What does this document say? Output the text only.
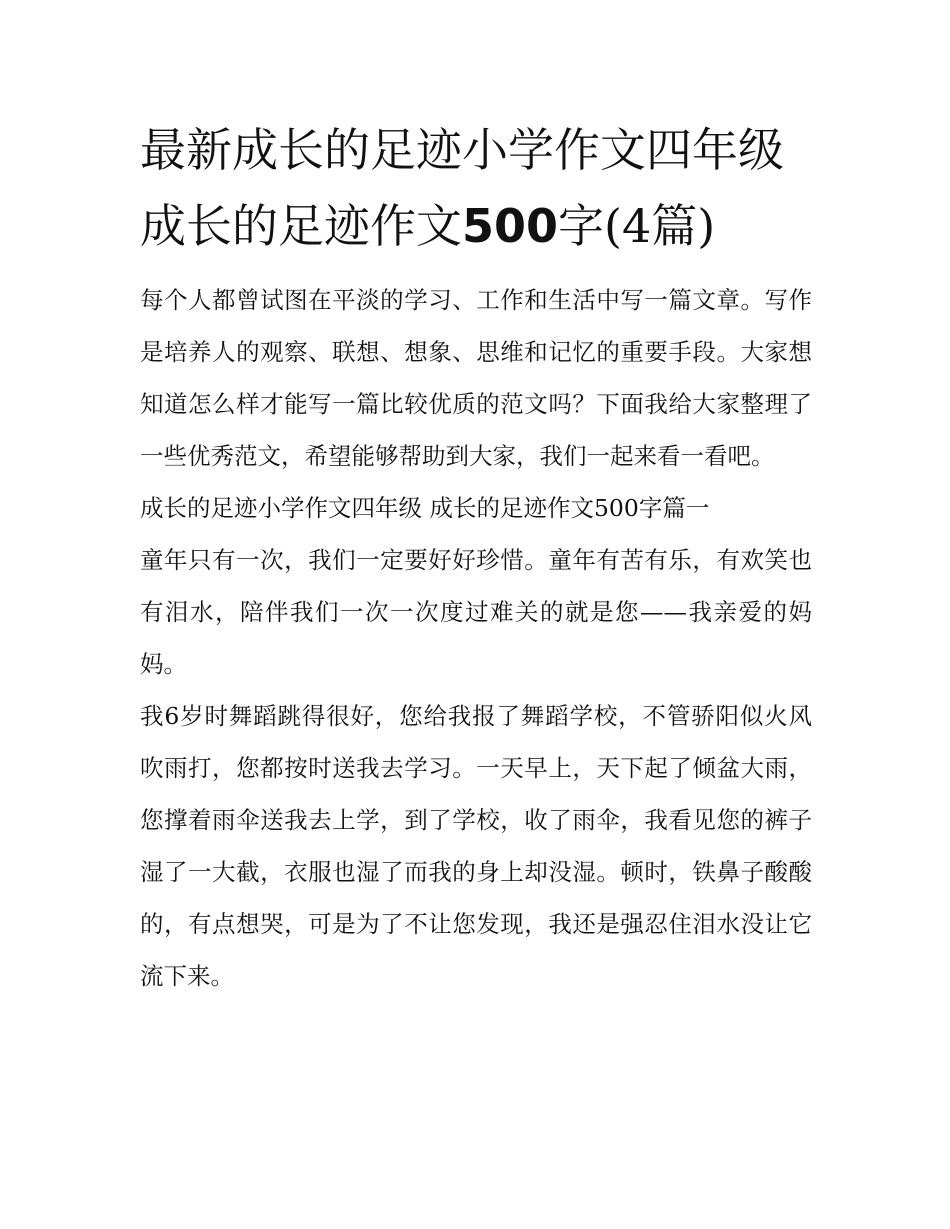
最新成长的足迹小学作文四年级 成长的足迹作文500字(4篇)

每个人都曾试图在平淡的学习、工作和生活中写一篇文章。写作是培养人的观察、联想、想象、思维和记忆的重要手段。大家想知道怎么样才能写一篇比较优质的范文吗？下面我给大家整理了一些优秀范文，希望能够帮助到大家，我们一起来看一看吧。

成长的足迹小学作文四年级 成长的足迹作文500字篇一

童年只有一次，我们一定要好好珍惜。童年有苦有乐，有欢笑也有泪水，陪伴我们一次一次度过难关的就是您——我亲爱的妈妈。

我6岁时舞蹈跳得很好，您给我报了舞蹈学校，不管骄阳似火风吹雨打，您都按时送我去学习。一天早上，天下起了倾盆大雨，您撑着雨伞送我去上学，到了学校，收了雨伞，我看见您的裤子湿了一大截，衣服也湿了而我的身上却没湿。顿时，铁鼻子酸酸的，有点想哭，可是为了不让您发现，我还是强忍住泪水没让它流下来。
